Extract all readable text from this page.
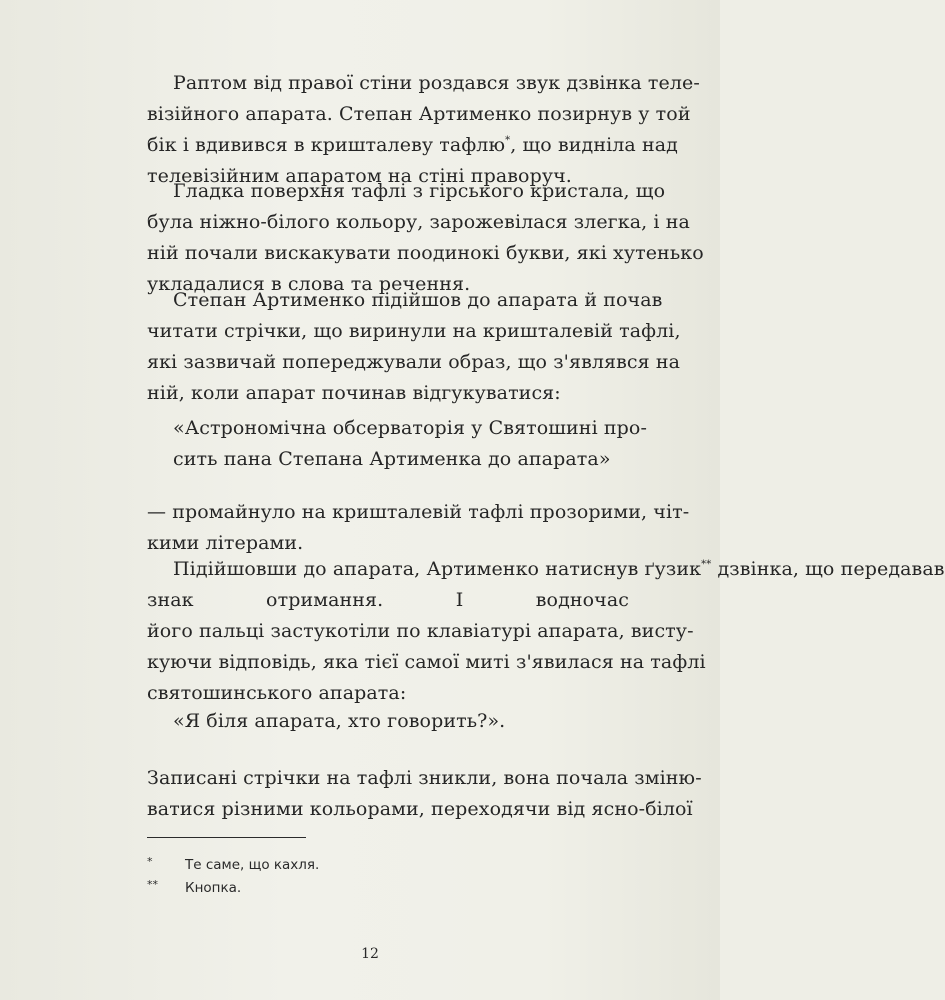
Раптом від правої стіни роздався звук дзвінка теле-
візійного апарата. Степан Артименко позирнув у той
бік і вдивився в кришталеву тафлю*, що виднiла над
телевізійним апаратом на стіні праворуч.

Гладка поверхня тафлі з гірського кристала, що
була ніжно-білого кольору, зарожевілася злегка, і на
ній почали вискакувати поодинокі букви, які хутенько
укладалися в слова та речення.

Степан Артименко підійшов до апарата й почав
читати стрічки, що виринули на кришталевій тафлі,
які зазвичай попереджували образ, що з'являвся на
ній, коли апарат починав відгукуватися:

«Астрономічна обсерваторія у Святошині про-
сить пана Степана Артименка до апарата»

— промайнуло на кришталевій тафлі прозорими, чіт-
кими літерами.

Підійшовши до апарата, Артименко натиснув ґузик** дзвінка, що передавав
знак отримання. І водночас
його пальці застукотіли по клавіатурі апарата, висту-
куючи відповідь, яка тієї самої миті з'явилася на тафлі
святошинського апарата:

«Я біля апарата, хто говорить?».

Записані стрічки на тафлі зникли, вона почала зміню-
ватися різними кольорами, переходячи від ясно-білої

* Те саме, що кахля.
** Кнопка.
12
